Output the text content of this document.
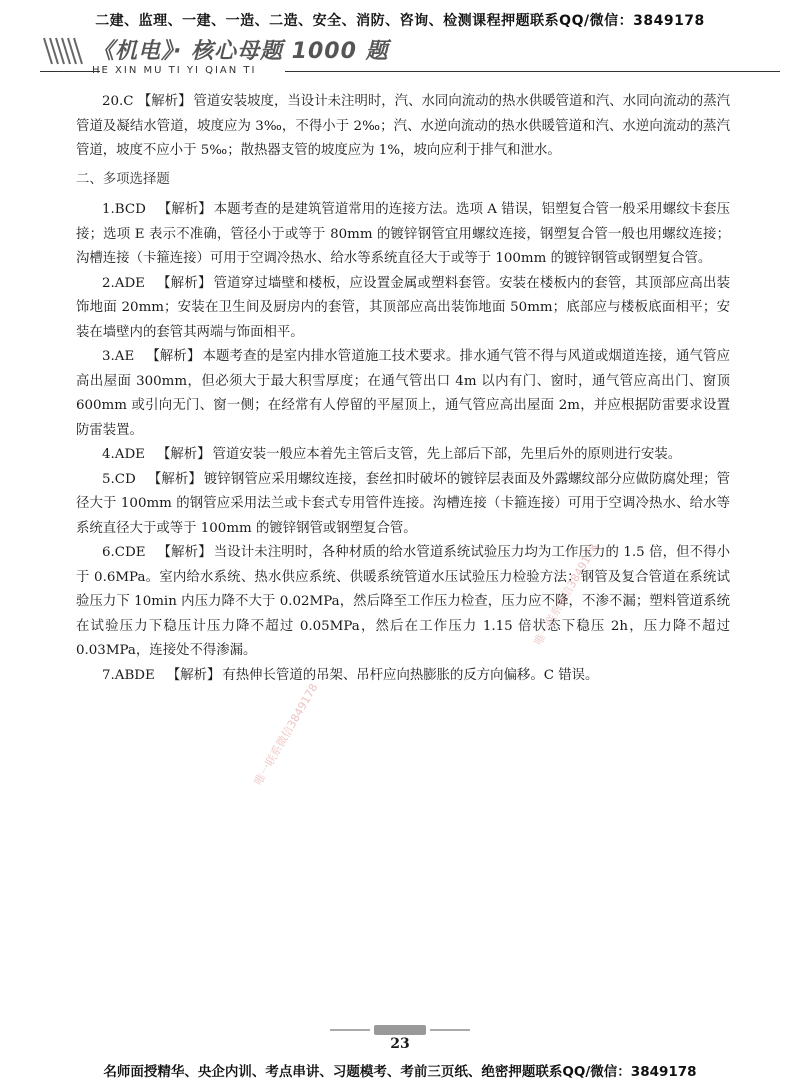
二建、监理、一建、一造、二造、安全、消防、咨询、检测课程押题联系QQ/微信：3849178
《机电》· 核心母题 1000 题
HE XIN MU TI YI QIAN TI

20.C 【解析】 管道安装坡度，当设计未注明时，汽、水同向流动的热水供暖管道和汽、水同向流动的蒸汽管道及凝结水管道，坡度应为 3‰，不得小于 2‰；汽、水逆向流动的热水供暖管道和汽、水逆向流动的蒸汽管道，坡度不应小于 5‰；散热器支管的坡度应为 1%，坡向应利于排气和泄水。

二、多项选择题

1.BCD 【解析】 本题考查的是建筑管道常用的连接方法。选项 A 错误，铝塑复合管一般采用螺纹卡套压接；选项 E 表示不准确，管径小于或等于 80mm 的镀锌钢管宜用螺纹连接，钢塑复合管一般也用螺纹连接；沟槽连接（卡箍连接）可用于空调冷热水、给水等系统直径大于或等于 100mm 的镀锌钢管或钢塑复合管。

2.ADE 【解析】 管道穿过墙壁和楼板，应设置金属或塑料套管。安装在楼板内的套管，其顶部应高出装饰地面 20mm；安装在卫生间及厨房内的套管，其顶部应高出装饰地面 50mm；底部应与楼板底面相平；安装在墙壁内的套管其两端与饰面相平。

3.AE 【解析】 本题考查的是室内排水管道施工技术要求。排水通气管不得与风道或烟道连接，通气管应高出屋面 300mm，但必须大于最大积雪厚度；在通气管出口 4m 以内有门、窗时，通气管应高出门、窗顶 600mm 或引向无门、窗一侧；在经常有人停留的平屋顶上，通气管应高出屋面 2m，并应根据防雷要求设置防雷装置。

4.ADE 【解析】 管道安装一般应本着先主管后支管，先上部后下部，先里后外的原则进行安装。

5.CD 【解析】 镀锌钢管应采用螺纹连接，套丝扣时破坏的镀锌层表面及外露螺纹部分应做防腐处理；管径大于 100mm 的钢管应采用法兰或卡套式专用管件连接。沟槽连接（卡箍连接）可用于空调冷热水、给水等系统直径大于或等于 100mm 的镀锌钢管或钢塑复合管。

6.CDE 【解析】 当设计未注明时，各种材质的给水管道系统试验压力均为工作压力的 1.5 倍，但不得小于 0.6MPa。室内给水系统、热水供应系统、供暖系统管道水压试验压力检验方法：钢管及复合管道在系统试验压力下 10min 内压力降不大于 0.02MPa，然后降至工作压力检查，压力应不降，不渗不漏；塑料管道系统在试验压力下稳压计压力降不超过 0.05MPa，然后在工作压力 1.15 倍状态下稳压 2h，压力降不超过 0.03MPa，连接处不得渗漏。

7.ABDE 【解析】 有热伸长管道的吊架、吊杆应向热膨胀的反方向偏移。C 错误。

唯一联系微信3849178
唯一联系微信3849178
23
名师面授精华、央企内训、考点串讲、习题模考、考前三页纸、绝密押题联系QQ/微信：3849178
